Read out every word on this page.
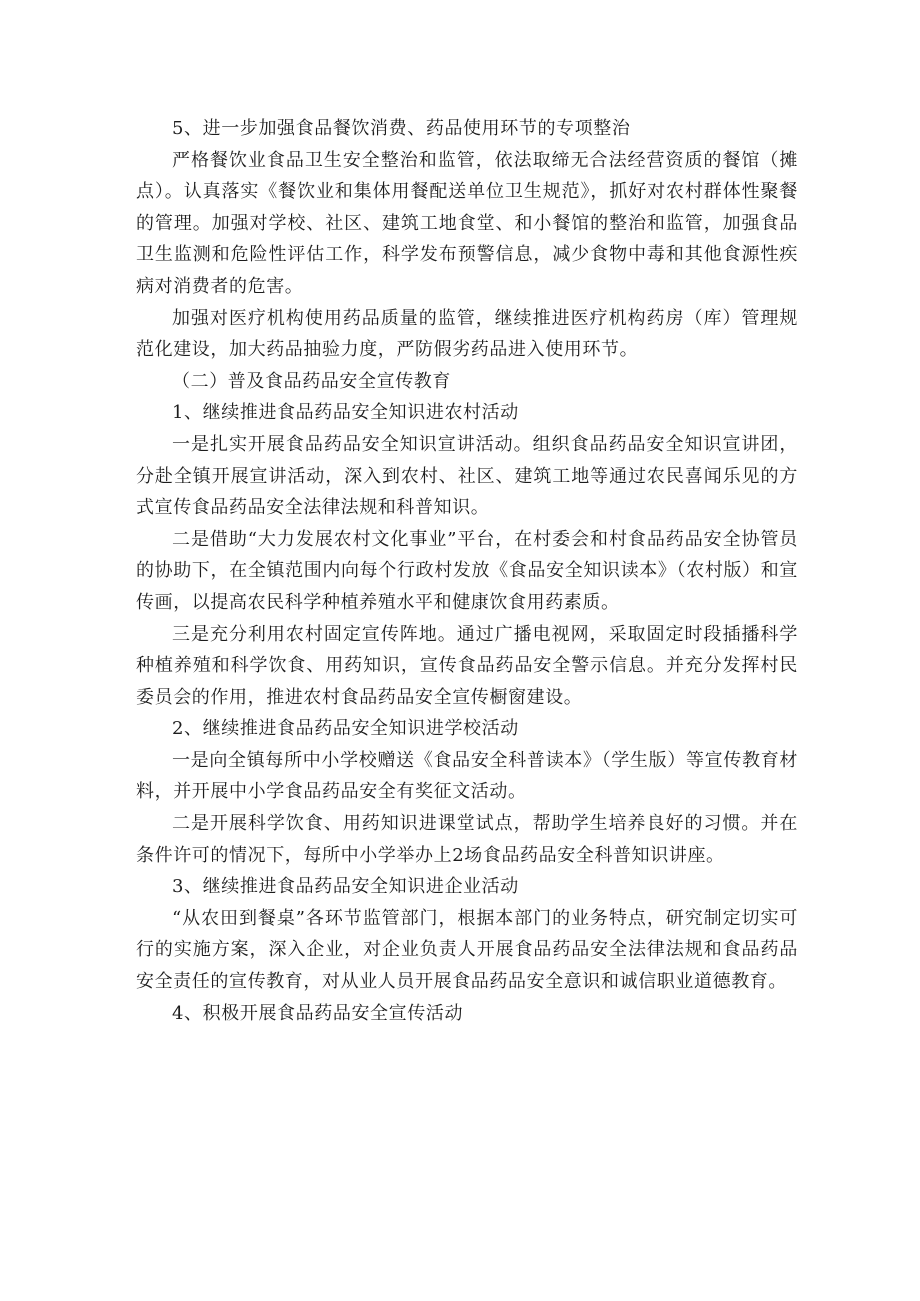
5、进一步加强食品餐饮消费、药品使用环节的专项整治

严格餐饮业食品卫生安全整治和监管，依法取缔无合法经营资质的餐馆（摊点）。认真落实《餐饮业和集体用餐配送单位卫生规范》，抓好对农村群体性聚餐的管理。加强对学校、社区、建筑工地食堂、和小餐馆的整治和监管，加强食品卫生监测和危险性评估工作，科学发布预警信息，减少食物中毒和其他食源性疾病对消费者的危害。

加强对医疗机构使用药品质量的监管，继续推进医疗机构药房（库）管理规范化建设，加大药品抽验力度，严防假劣药品进入使用环节。

（二）普及食品药品安全宣传教育

1、继续推进食品药品安全知识进农村活动

一是扎实开展食品药品安全知识宣讲活动。组织食品药品安全知识宣讲团，分赴全镇开展宣讲活动，深入到农村、社区、建筑工地等通过农民喜闻乐见的方式宣传食品药品安全法律法规和科普知识。

二是借助“大力发展农村文化事业”平台，在村委会和村食品药品安全协管员的协助下，在全镇范围内向每个行政村发放《食品安全知识读本》（农村版）和宣传画，以提高农民科学种植养殖水平和健康饮食用药素质。

三是充分利用农村固定宣传阵地。通过广播电视网，采取固定时段插播科学种植养殖和科学饮食、用药知识，宣传食品药品安全警示信息。并充分发挥村民委员会的作用，推进农村食品药品安全宣传橱窗建设。

2、继续推进食品药品安全知识进学校活动

一是向全镇每所中小学校赠送《食品安全科普读本》（学生版）等宣传教育材料，并开展中小学食品药品安全有奖征文活动。

二是开展科学饮食、用药知识进课堂试点，帮助学生培养良好的习惯。并在条件许可的情况下，每所中小学举办上2场食品药品安全科普知识讲座。

3、继续推进食品药品安全知识进企业活动

“从农田到餐桌”各环节监管部门，根据本部门的业务特点，研究制定切实可行的实施方案，深入企业，对企业负责人开展食品药品安全法律法规和食品药品安全责任的宣传教育，对从业人员开展食品药品安全意识和诚信职业道德教育。

4、积极开展食品药品安全宣传活动
